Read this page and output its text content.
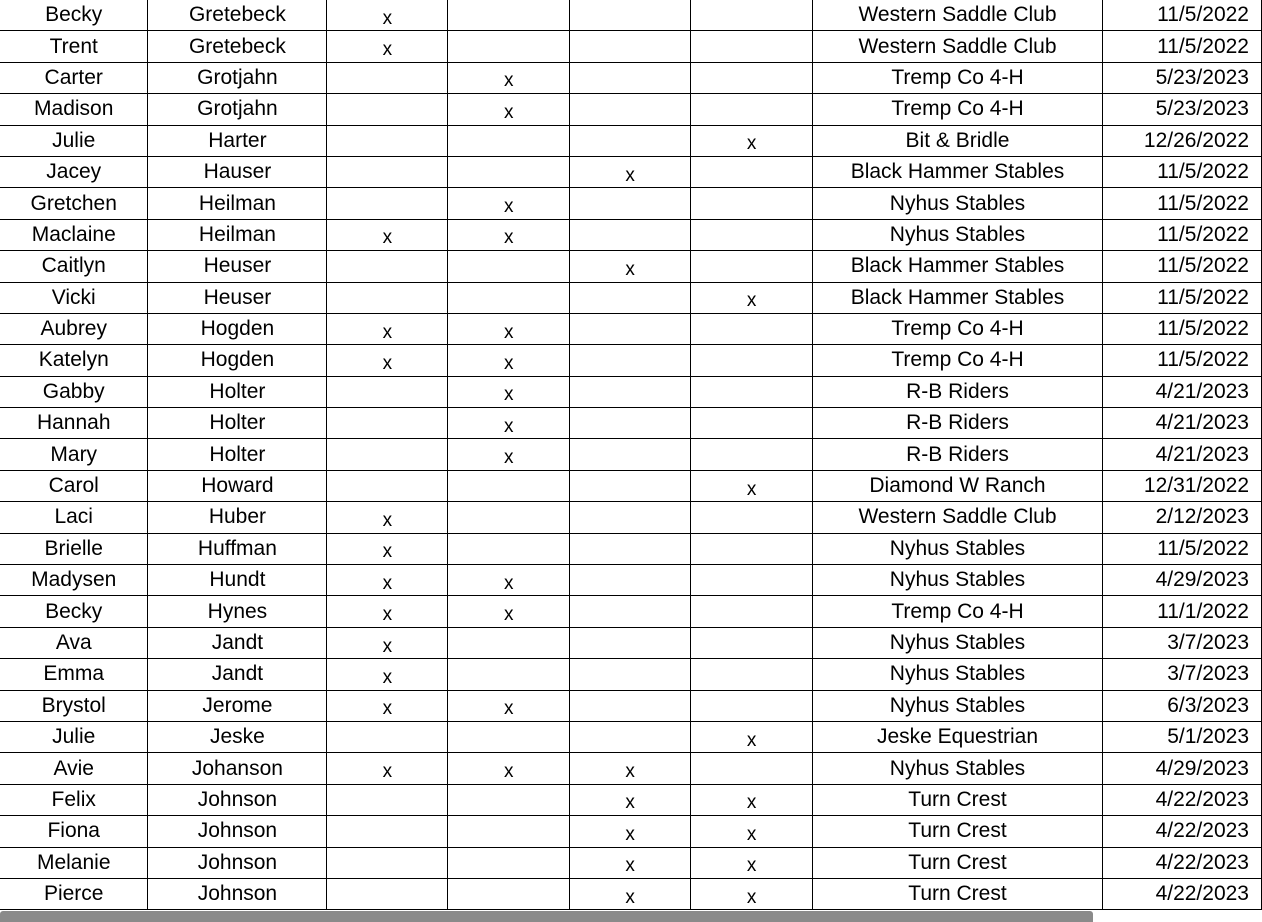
Becky	Gretebeck	x				Western Saddle Club	11/5/2022
Trent	Gretebeck	x				Western Saddle Club	11/5/2022
Carter	Grotjahn		x			Tremp Co 4-H	5/23/2023
Madison	Grotjahn		x			Tremp Co 4-H	5/23/2023
Julie	Harter				x	Bit & Bridle	12/26/2022
Jacey	Hauser			x		Black Hammer Stables	11/5/2022
Gretchen	Heilman		x			Nyhus Stables	11/5/2022
Maclaine	Heilman	x	x			Nyhus Stables	11/5/2022
Caitlyn	Heuser			x		Black Hammer Stables	11/5/2022
Vicki	Heuser				x	Black Hammer Stables	11/5/2022
Aubrey	Hogden	x	x			Tremp Co 4-H	11/5/2022
Katelyn	Hogden	x	x			Tremp Co 4-H	11/5/2022
Gabby	Holter		x			R-B Riders	4/21/2023
Hannah	Holter		x			R-B Riders	4/21/2023
Mary	Holter		x			R-B Riders	4/21/2023
Carol	Howard				x	Diamond W Ranch	12/31/2022
Laci	Huber	x				Western Saddle Club	2/12/2023
Brielle	Huffman	x				Nyhus Stables	11/5/2022
Madysen	Hundt	x	x			Nyhus Stables	4/29/2023
Becky	Hynes	x	x			Tremp Co 4-H	11/1/2022
Ava	Jandt	x				Nyhus Stables	3/7/2023
Emma	Jandt	x				Nyhus Stables	3/7/2023
Brystol	Jerome	x	x			Nyhus Stables	6/3/2023
Julie	Jeske				x	Jeske Equestrian	5/1/2023
Avie	Johanson	x	x	x		Nyhus Stables	4/29/2023
Felix	Johnson			x	x	Turn Crest	4/22/2023
Fiona	Johnson			x	x	Turn Crest	4/22/2023
Melanie	Johnson			x	x	Turn Crest	4/22/2023
Pierce	Johnson			x	x	Turn Crest	4/22/2023
